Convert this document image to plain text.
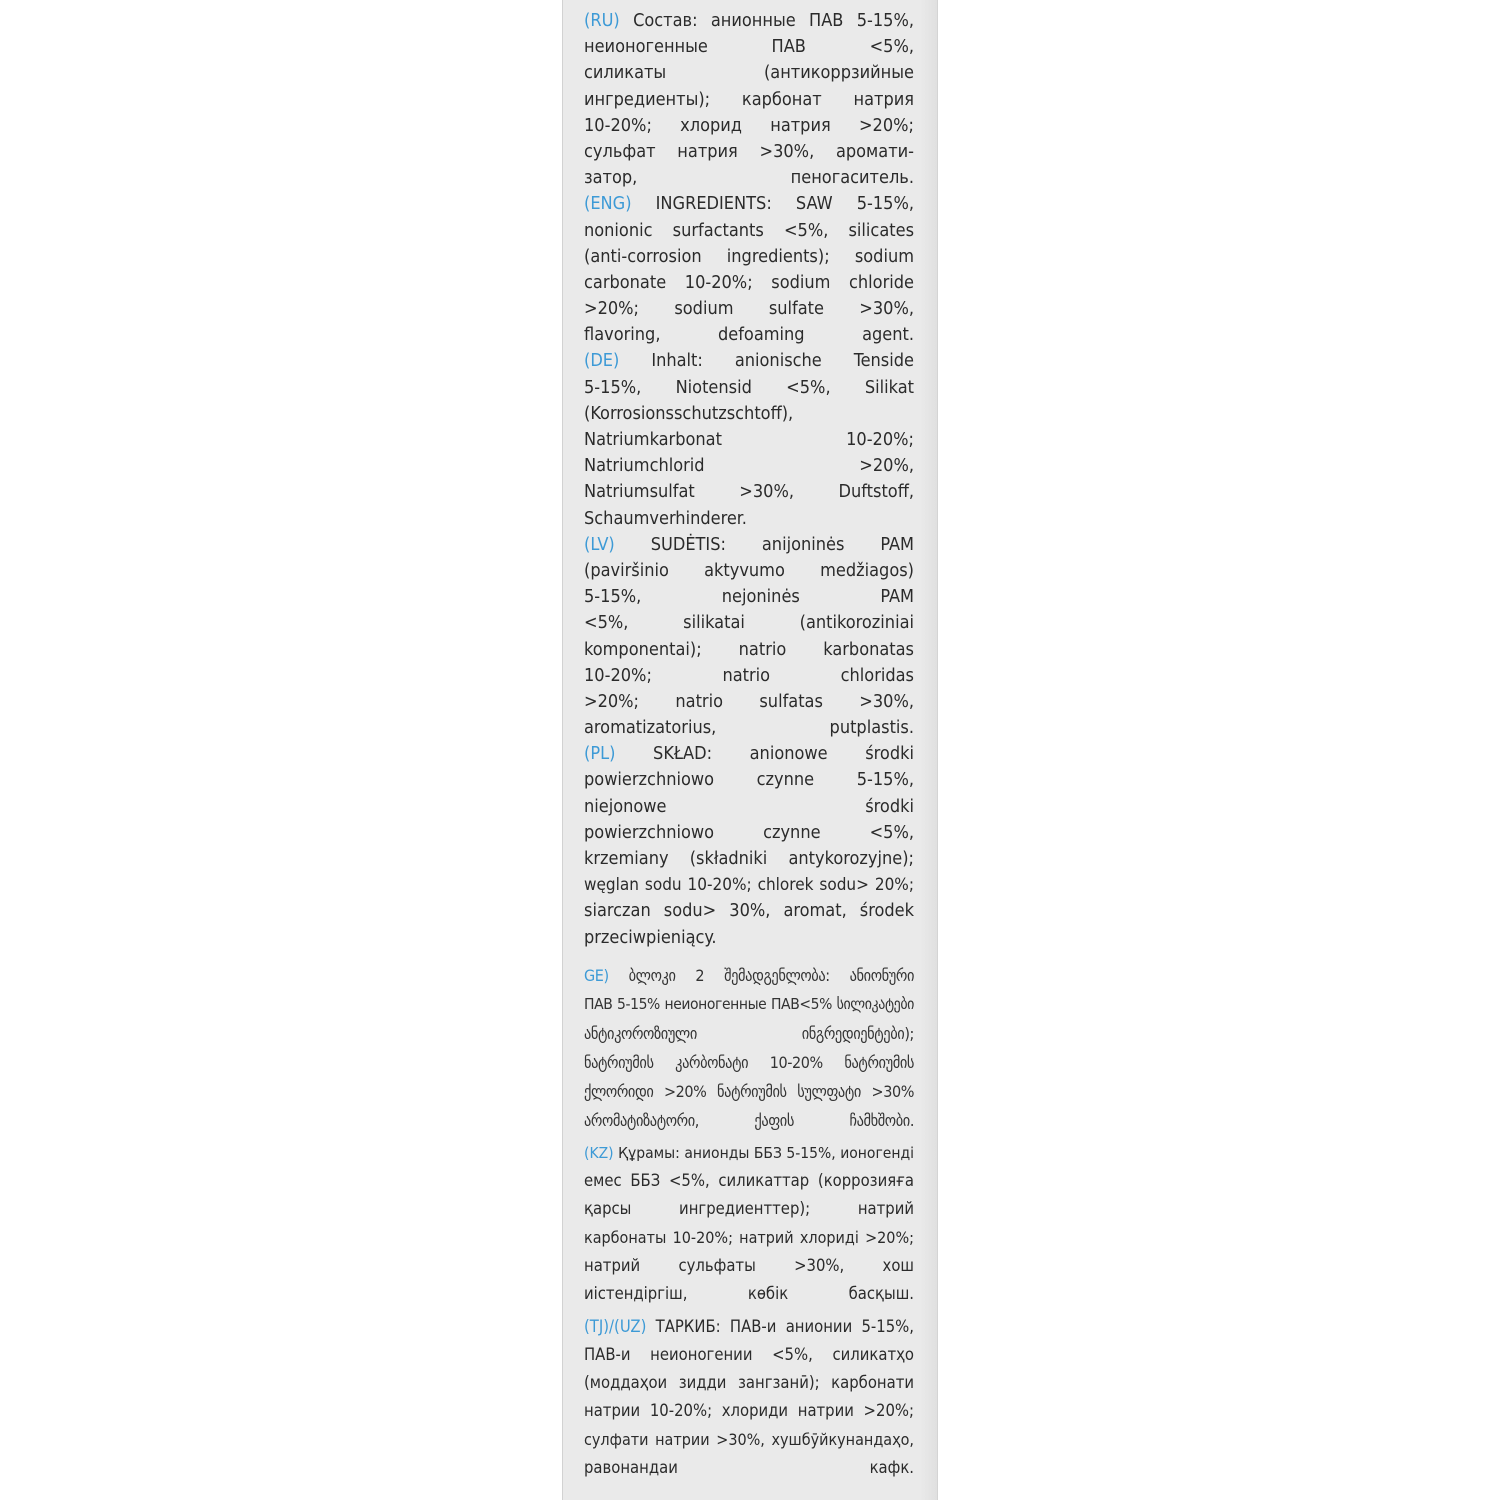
(RU) Состав: анионные ПАВ 5-15%,
неионогенные ПАВ <5%,
силикаты (антикоррзийные
ингредиенты); карбонат натрия
10-20%; хлорид натрия >20%;
сульфат натрия >30%, аромати-
затор, пеногаситель.
(ENG) INGREDIENTS: SAW 5-15%,
nonionic surfactants <5%, silicates
(anti-corrosion ingredients); sodium
carbonate 10-20%; sodium chloride
>20%; sodium sulfate >30%,
flavoring, defoaming agent.
(DE) Inhalt: anionische Tenside
5-15%, Niotensid <5%, Silikat
(Korrosionsschutzschtoff),
Natriumkarbonat 10-20%;
Natriumchlorid >20%,
Natriumsulfat >30%, Duftstoff,
Schaumverhinderer.
(LV) SUDĖTIS: anijoninės PAM
(paviršinio aktyvumo medžiagos)
5-15%, nejoninės PAM
<5%, silikatai (antikoroziniai
komponentai); natrio karbonatas
10-20%; natrio chloridas
>20%; natrio sulfatas >30%,
aromatizatorius, putplastis.
(PL) SKŁAD: anionowe środki
powierzchniowo czynne 5-15%,
niejonowe środki
powierzchniowo czynne <5%,
krzemiany (składniki antykorozyjne);
węglan sodu 10-20%; chlorek sodu> 20%;
siarczan sodu> 30%, aromat, środek
przeciwpieniący.
GE) ბლოკი 2 შემადგენლობა: ანიონური
ПАВ 5-15% неионогенные ПАВ<5% სილიკატები
ანტიკოროზიული ინგრედიენტები);
ნატრიუმის კარბონატი 10-20% ნატრიუმის
ქლორიდი >20% ნატრიუმის სულფატი >30%
არომატიზატორი, ქაფის ჩამხშობი.
(KZ) Құрамы: анионды ББЗ 5-15%, ионогенді
емес ББЗ <5%, силикаттар (коррозияға
қарсы ингредиенттер); натрий
карбонаты 10-20%; натрий хлориді >20%;
натрий сульфаты >30%, хош
иістендіргіш, көбік басқыш.
(TJ)/(UZ) ТАРКИБ: ПАВ-и анионии 5-15%,
ПАВ-и неионогении <5%, силикатҳо
(моддаҳои зидди зангзанӣ); карбонати
натрии 10-20%; хлориди натрии >20%;
сулфати натрии >30%, хушбӯйкунандаҳо,
равонандаи кафк.
